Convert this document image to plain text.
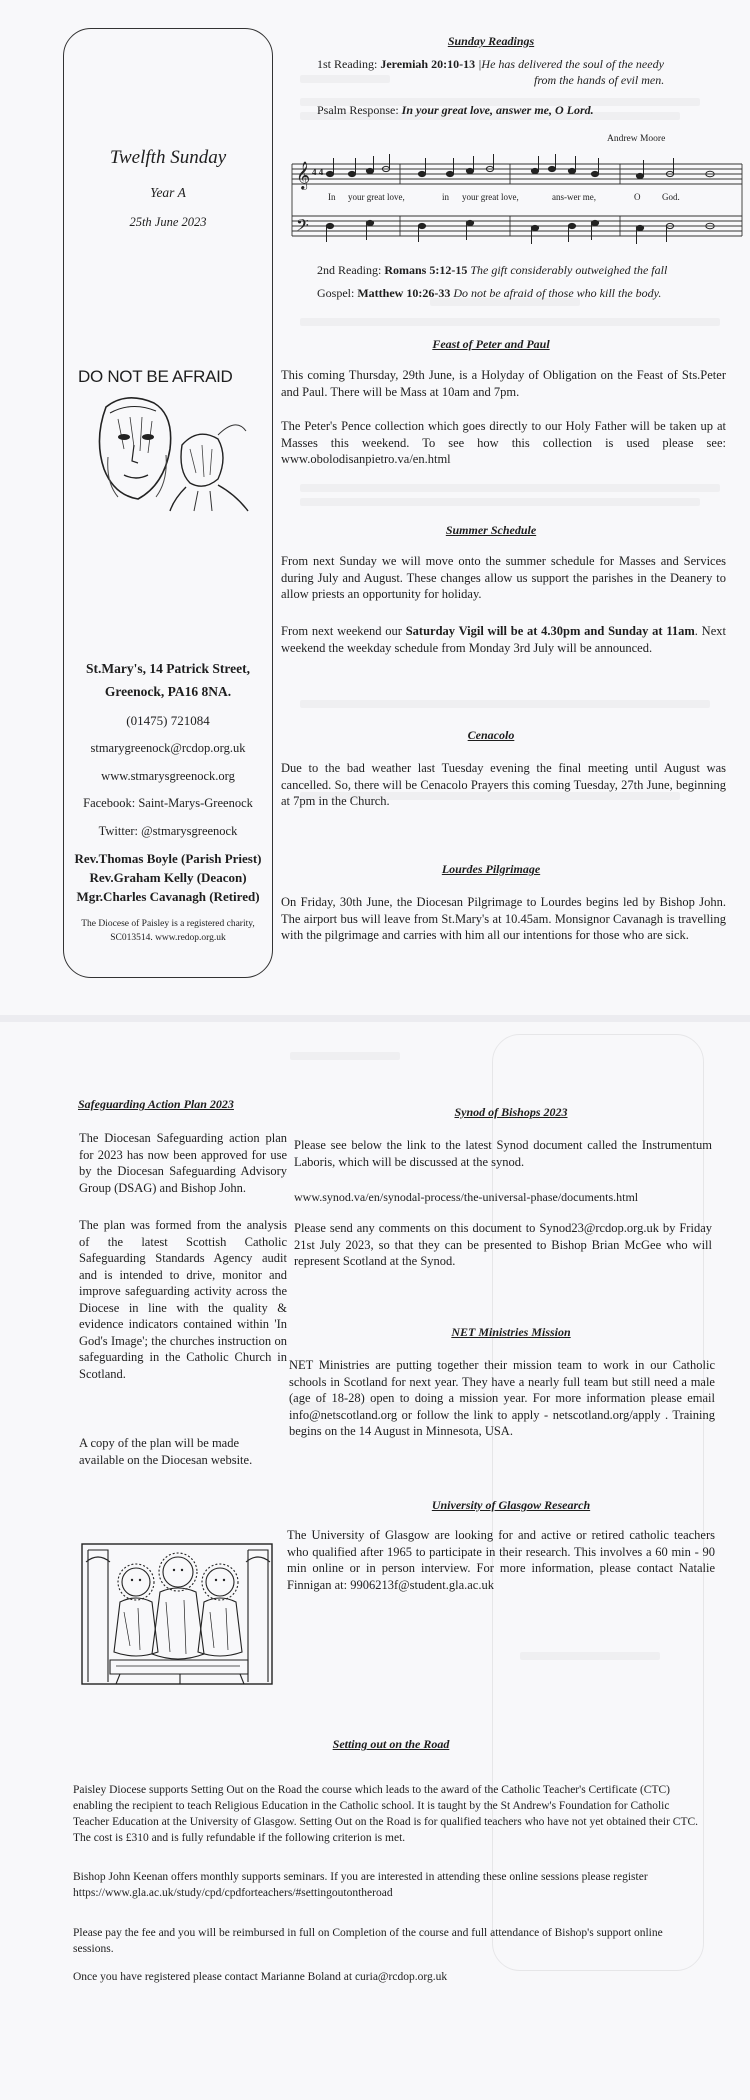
Twelfth Sunday
Year A
25th June 2023
DO NOT BE AFRAID
St.Mary's, 14 Patrick Street,
Greenock, PA16 8NA.
(01475) 721084
stmarygreenock@rcdop.org.uk
www.stmarysgreenock.org
Facebook: Saint-Marys-Greenock
Twitter: @stmarysgreenock
Rev.Thomas Boyle (Parish Priest)
Rev.Graham Kelly (Deacon)
Mgr.Charles Cavanagh (Retired)
The Diocese of Paisley is a registered charity,
SC013514. www.redop.org.uk
Sunday Readings
1st Reading: Jeremiah 20:10-13 |He has delivered the soul of the needy
from the hands of evil men.
Psalm Response: In your great love, answer me, O Lord.
Andrew Moore
𝄞
𝄢
4 4
In your great love,	in your great love,	ans-wer me,	O God.
2nd Reading: Romans 5:12-15 The gift considerably outweighed the fall
Gospel: Matthew 10:26-33 Do not be afraid of those who kill the body.
Feast of Peter and Paul

This coming Thursday, 29th June, is a Holyday of Obligation on the Feast of Sts.Peter and Paul. There will be Mass at 10am and 7pm.

The Peter's Pence collection which goes directly to our Holy Father will be taken up at Masses this weekend. To see how this collection is used please see: www.obolodisanpietro.va/en.html

Summer Schedule

From next Sunday we will move onto the summer schedule for Masses and Services during July and August. These changes allow us support the parishes in the Deanery to allow priests an opportunity for holiday.

From next weekend our Saturday Vigil will be at 4.30pm and Sunday at 11am. Next weekend the weekday schedule from Monday 3rd July will be announced.

Cenacolo

Due to the bad weather last Tuesday evening the final meeting until August was cancelled. So, there will be Cenacolo Prayers this coming Tuesday, 27th June, beginning at 7pm in the Church.

Lourdes Pilgrimage

On Friday, 30th June, the Diocesan Pilgrimage to Lourdes begins led by Bishop John. The airport bus will leave from St.Mary's at 10.45am. Monsignor Cavanagh is travelling with the pilgrimage and carries with him all our intentions for those who are sick.

Safeguarding Action Plan 2023

The Diocesan Safeguarding action plan for 2023 has now been approved for use by the Diocesan Safeguarding Advisory Group (DSAG) and Bishop John.

The plan was formed from the analysis of the latest Scottish Catholic Safeguarding Standards Agency audit and is intended to drive, monitor and improve safeguarding activity across the Diocese in line with the quality & evidence indicators contained within 'In God's Image'; the churches instruction on safeguarding in the Catholic Church in Scotland.

A copy of the plan will be made available on the Diocesan website.

Synod of Bishops 2023

Please see below the link to the latest Synod document called the Instrumentum Laboris, which will be discussed at the synod.

www.synod.va/en/synodal-process/the-universal-phase/documents.html

Please send any comments on this document to Synod23@rcdop.org.uk by Friday 21st July 2023, so that they can be presented to Bishop Brian McGee who will represent Scotland at the Synod.

NET Ministries Mission

NET Ministries are putting together their mission team to work in our Catholic schools in Scotland for next year. They have a nearly full team but still need a male (age of 18-28) open to doing a mission year. For more information please email info@netscotland.org or follow the link to apply - netscotland.org/apply . Training begins on the 14 August in Minnesota, USA.

University of Glasgow Research

The University of Glasgow are looking for and active or retired catholic teachers who qualified after 1965 to participate in their research. This involves a 60 min - 90 min online or in person interview. For more information, please contact Natalie Finnigan at: 9906213f@student.gla.ac.uk

Setting out on the Road

Paisley Diocese supports Setting Out on the Road the course which leads to the award of the Catholic Teacher's Certificate (CTC) enabling the recipient to teach Religious Education in the Catholic school. It is taught by the St Andrew's Foundation for Catholic Teacher Education at the University of Glasgow. Setting Out on the Road is for qualified teachers who have not yet obtained their CTC. The cost is £310 and is fully refundable if the following criterion is met.

Bishop John Keenan offers monthly supports seminars. If you are interested in attending these online sessions please register https://www.gla.ac.uk/study/cpd/cpdforteachers/#settingoutontheroad

Please pay the fee and you will be reimbursed in full on Completion of the course and full attendance of Bishop's support online sessions.

Once you have registered please contact Marianne Boland at curia@rcdop.org.uk
